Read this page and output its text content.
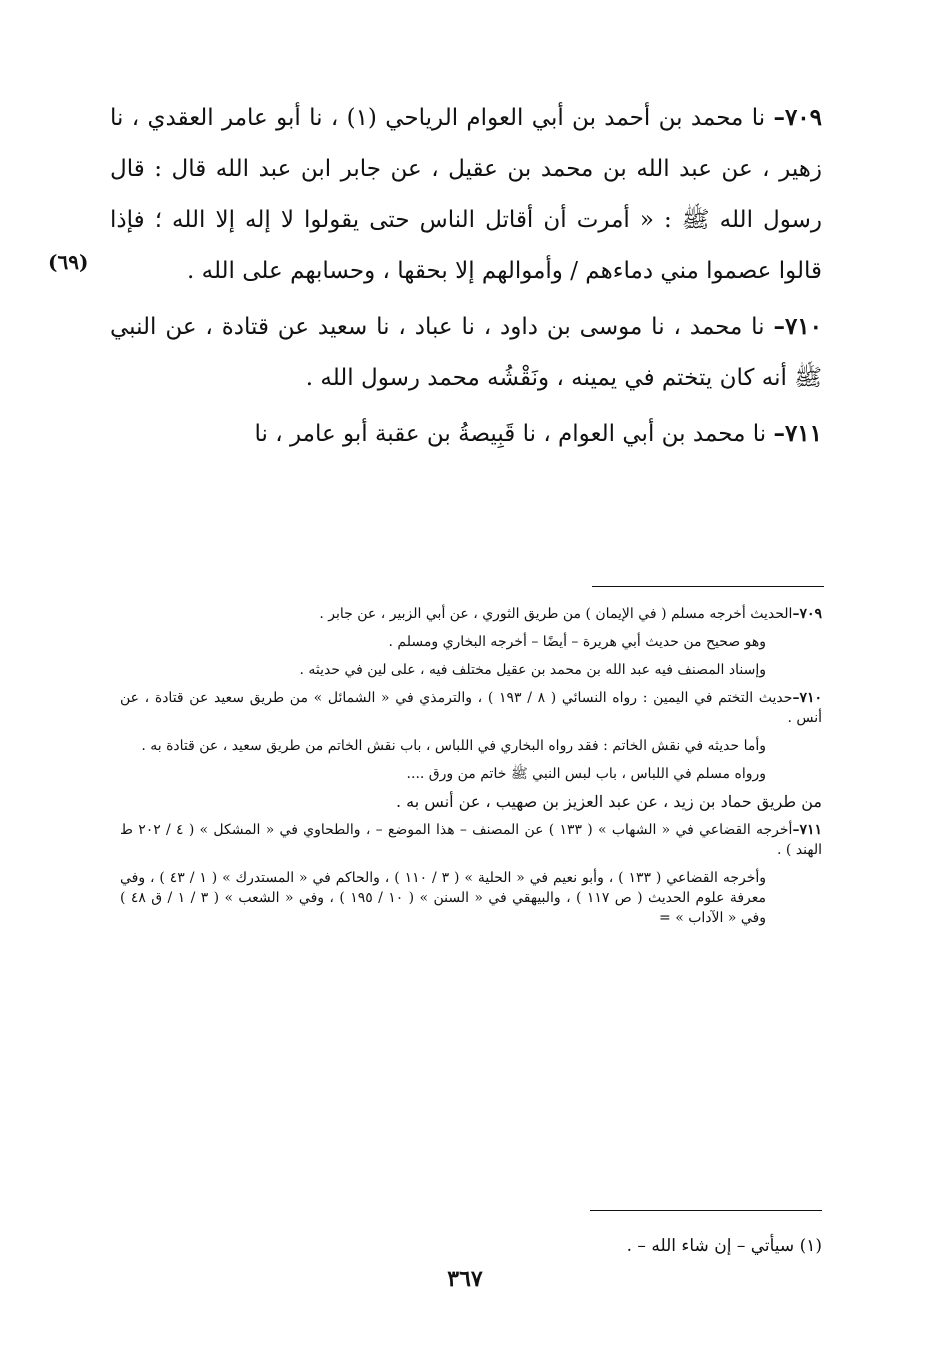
٧٠٩– نا محمد بن أحمد بن أبي العوام الرياحي (١) ، نا أبو عامر العقدي ، نا زهير ، عن عبد الله بن محمد بن عقيل ، عن جابر ابن عبد الله قال : قال رسول الله ﷺ : « أمرت أن أقاتل الناس حتى يقولوا لا إله إلا الله ؛ فإذا قالوا عصموا مني دماءهم / وأموالهم إلا بحقها ، وحسابهم على الله .

٧١٠– نا محمد ، نا موسى بن داود ، نا عباد ، نا سعيد عن قتادة ، عن النبي ﷺ أنه كان يتختم في يمينه ، ونَقْشُه محمد رسول الله .

٧١١– نا محمد بن أبي العوام ، نا قَبِيصةُ بن عقبة أبو عامر ، نا

(٦٩)

٧٠٩–الحديث أخرجه مسلم ( في الإيمان ) من طريق الثوري ، عن أبي الزبير ، عن جابر .

وهو صحيح من حديث أبي هريرة – أيضًا – أخرجه البخاري ومسلم .

وإسناد المصنف فيه عبد الله بن محمد بن عقيل مختلف فيه ، على لين في حديثه .

٧١٠–حديث التختم في اليمين : رواه النسائي ( ٨ / ١٩٣ ) ، والترمذي في « الشمائل » من طريق سعيد عن قتادة ، عن أنس .

وأما حديثه في نقش الخاتم : فقد رواه البخاري في اللباس ، باب نقش الخاتم من طريق سعيد ، عن قتادة به .

ورواه مسلم في اللباس ، باب لبس النبي ﷺ خاتم من ورق ....

من طريق حماد بن زيد ، عن عبد العزيز بن صهيب ، عن أنس به .

٧١١–أخرجه القضاعي في « الشهاب » ( ١٣٣ ) عن المصنف – هذا الموضع – ، والطحاوي في « المشكل » ( ٤ / ٢٠٢ ط الهند ) .

وأخرجه القضاعي ( ١٣٣ ) ، وأبو نعيم في « الحلية » ( ٣ / ١١٠ ) ، والحاكم في « المستدرك » ( ١ / ٤٣ ) ، وفي معرفة علوم الحديث ( ص ١١٧ ) ، والبيهقي في « السنن » ( ١٠ / ١٩٥ ) ، وفي « الشعب » ( ٣ / ١ / ق ٤٨ ) وفي « الآداب » =

(١) سيأتي – إن شاء الله – .
٣٦٧
